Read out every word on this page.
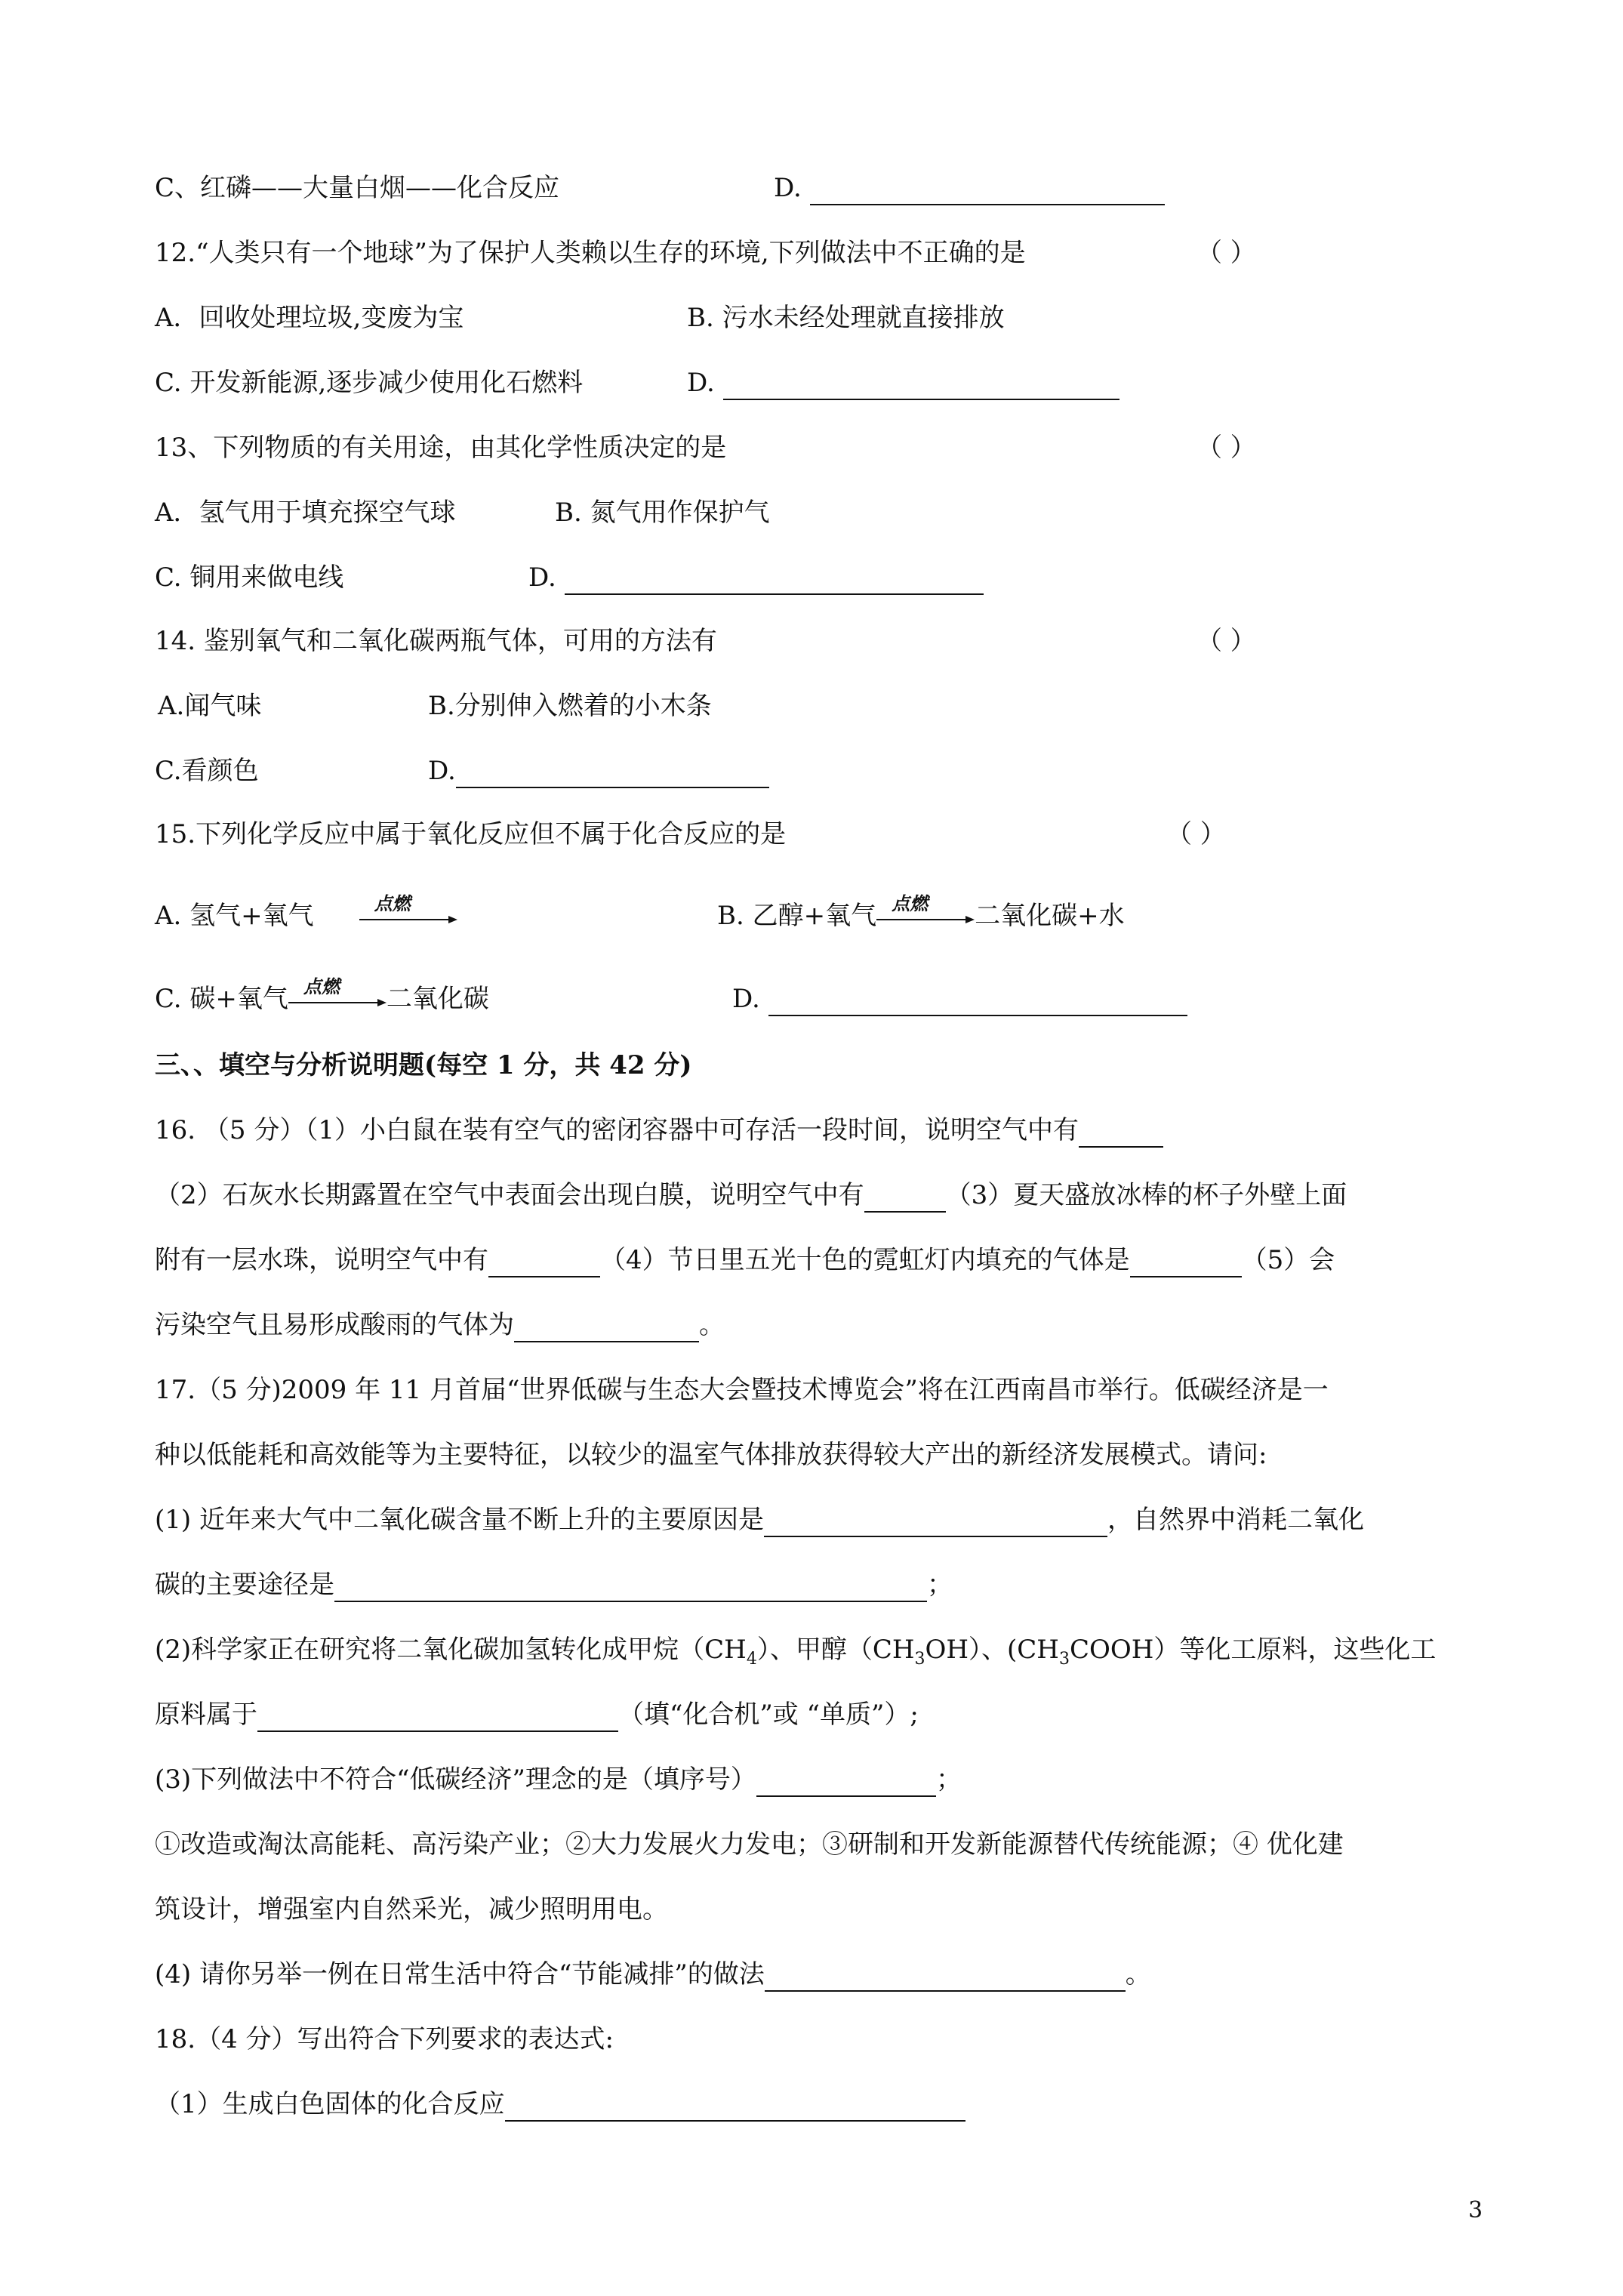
C、红磷——大量白烟——化合反应	D.
12.“人类只有一个地球”为了保护人类赖以生存的环境,下列做法中不正确的是	（ ）
A．回收处理垃圾,变废为宝	B. 污水未经处理就直接排放
C. 开发新能源,逐步减少使用化石燃料	D.
13、下列物质的有关用途，由其化学性质决定的是	（ ）
A．氢气用于填充探空气球	B. 氮气用作保护气
C. 铜用来做电线	D.
14. 鉴别氧气和二氧化碳两瓶气体，可用的方法有	（ ）
A.闻气味	B.分别伸入燃着的小木条
C.看颜色	D.
15.下列化学反应中属于氧化反应但不属于化合反应的是	（ ）
A. 氢气+氧气	点燃	B. 乙醇+氧气 点燃 二氧化碳+水
C. 碳+氧气 点燃 二氧化碳	D.
三、、填空与分析说明题(每空 1 分，共 42 分)
16. （5 分）（1）小白鼠在装有空气的密闭容器中可存活一段时间，说明空气中有
（2）石灰水长期露置在空气中表面会出现白膜，说明空气中有	（3）夏天盛放冰棒的杯子外壁上面
附有一层水珠，说明空气中有	（4）节日里五光十色的霓虹灯内填充的气体是	（5）会
污染空气且易形成酸雨的气体为	。
17.（5 分)2009 年 11 月首届“世界低碳与生态大会暨技术博览会”将在江西南昌市举行。低碳经济是一
种以低能耗和高效能等为主要特征，以较少的温室气体排放获得较大产出的新经济发展模式。请问:
(1) 近年来大气中二氧化碳含量不断上升的主要原因是	，自然界中消耗二氧化
碳的主要途径是	；
(2)科学家正在研究将二氧化碳加氢转化成甲烷$(CH_4)$、甲醇$(CH_3OH)$、$(CH_3COOH)$等化工原料，这些化工
原料属于	（填“化合机”或 “单质”）;
(3)下列做法中不符合“低碳经济”理念的是（填序号）	；
①改造或淘汰高能耗、高污染产业；②大力发展火力发电；③研制和开发新能源替代传统能源；④ 优化建
筑设计，增强室内自然采光，减少照明用电。
(4) 请你另举一例在日常生活中符合“节能减排”的做法	。
18.（4 分）写出符合下列要求的表达式:
（1）生成白色固体的化合反应
3
